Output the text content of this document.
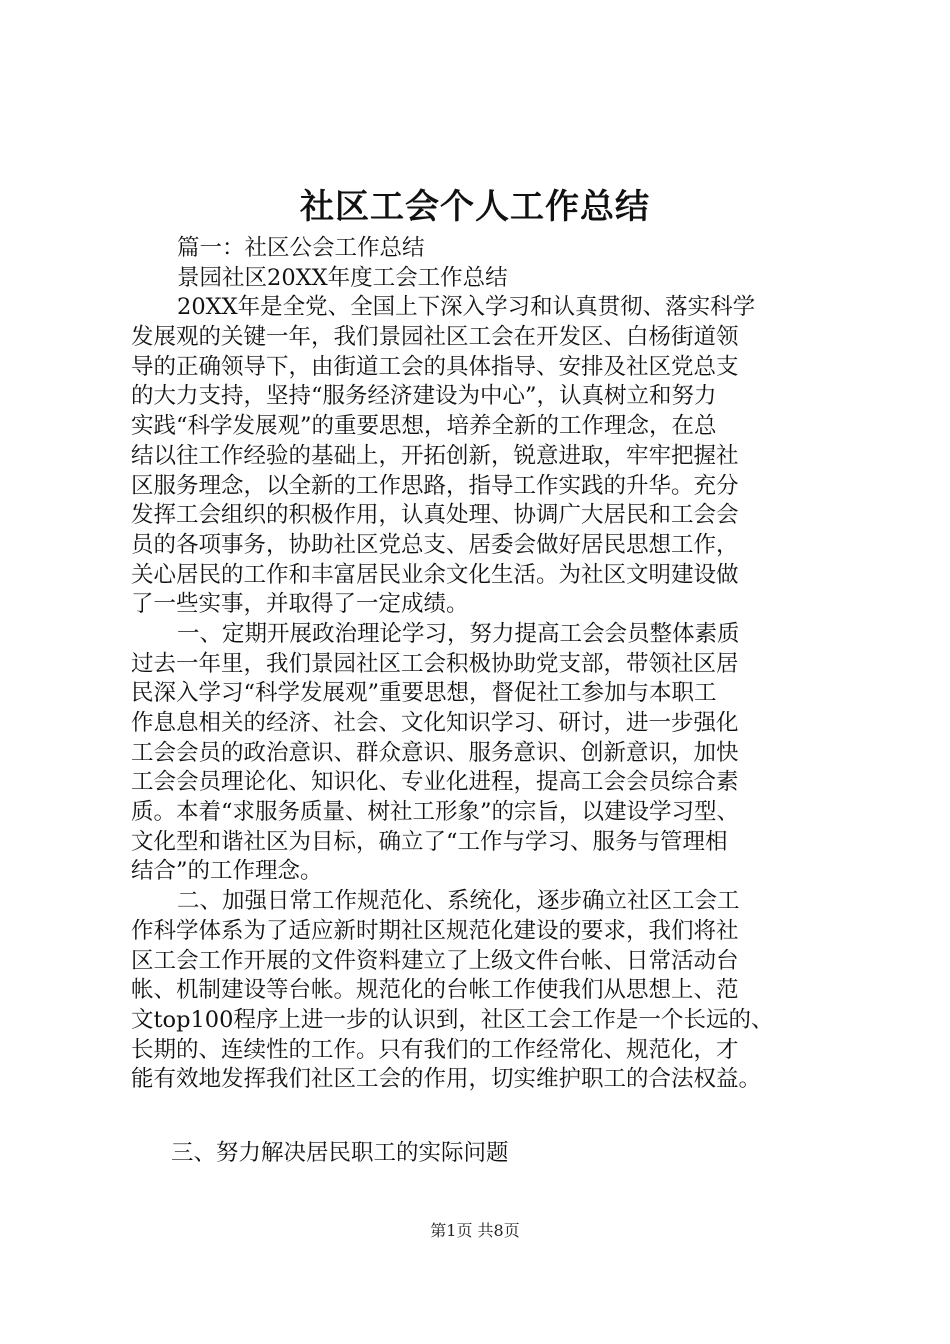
社区工会个人工作总结
篇一：社区公会工作总结
景园社区20XX年度工会工作总结
20XX年是全党、全国上下深入学习和认真贯彻、落实科学
发展观的关键一年，我们景园社区工会在开发区、白杨街道领
导的正确领导下，由街道工会的具体指导、安排及社区党总支
的大力支持，坚持“服务经济建设为中心”，认真树立和努力
实践“科学发展观”的重要思想，培养全新的工作理念，在总
结以往工作经验的基础上，开拓创新，锐意进取，牢牢把握社
区服务理念，以全新的工作思路，指导工作实践的升华。充分
发挥工会组织的积极作用，认真处理、协调广大居民和工会会
员的各项事务，协助社区党总支、居委会做好居民思想工作，
关心居民的工作和丰富居民业余文化生活。为社区文明建设做
了一些实事，并取得了一定成绩。
一、定期开展政治理论学习，努力提高工会会员整体素质
过去一年里，我们景园社区工会积极协助党支部，带领社区居
民深入学习“科学发展观”重要思想，督促社工参加与本职工
作息息相关的经济、社会、文化知识学习、研讨，进一步强化
工会会员的政治意识、群众意识、服务意识、创新意识，加快
工会会员理论化、知识化、专业化进程，提高工会会员综合素
质。本着“求服务质量、树社工形象”的宗旨，以建设学习型、
文化型和谐社区为目标，确立了“工作与学习、服务与管理相
结合”的工作理念。
二、加强日常工作规范化、系统化，逐步确立社区工会工
作科学体系为了适应新时期社区规范化建设的要求，我们将社
区工会工作开展的文件资料建立了上级文件台帐、日常活动台
帐、机制建设等台帐。规范化的台帐工作使我们从思想上、范
文top100程序上进一步的认识到，社区工会工作是一个长远的、
长期的、连续性的工作。只有我们的工作经常化、规范化，才
能有效地发挥我们社区工会的作用，切实维护职工的合法权益。
三、努力解决居民职工的实际问题
第1页 共8页
